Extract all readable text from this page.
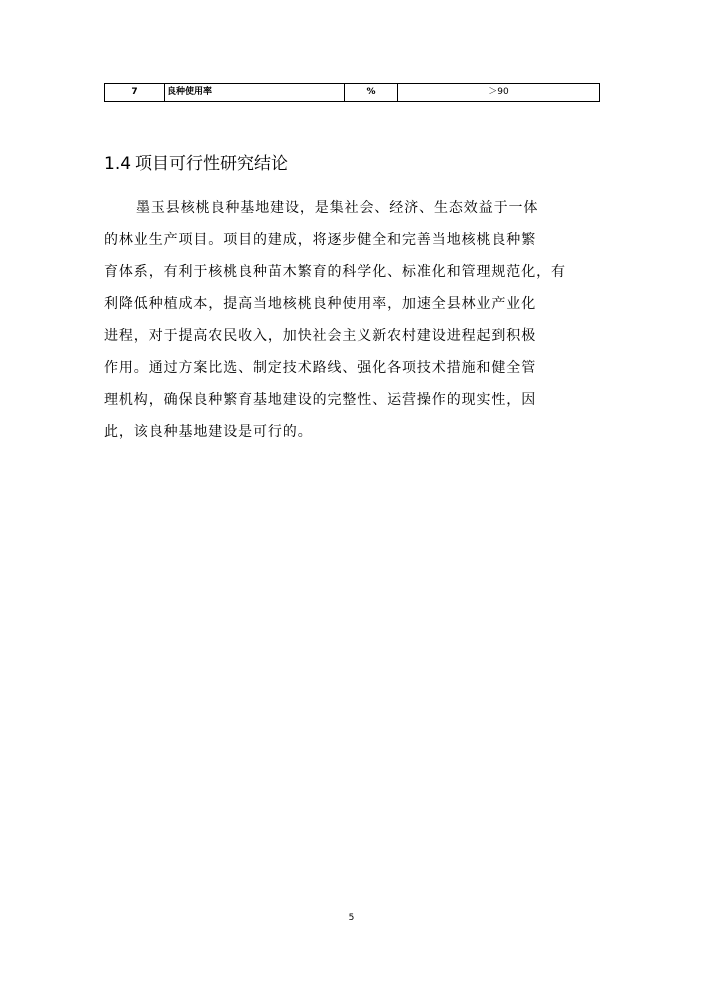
7	良种使用率	%	＞90
1.4 项目可行性研究结论
墨玉县核桃良种基地建设，是集社会、经济、生态效益于一体
的林业生产项目。项目的建成，将逐步健全和完善当地核桃良种繁
育体系，有利于核桃良种苗木繁育的科学化、标准化和管理规范化，有
利降低种植成本，提高当地核桃良种使用率，加速全县林业产业化
进程，对于提高农民收入，加快社会主义新农村建设进程起到积极
作用。通过方案比选、制定技术路线、强化各项技术措施和健全管
理机构，确保良种繁育基地建设的完整性、运营操作的现实性，因
此，该良种基地建设是可行的。
5
